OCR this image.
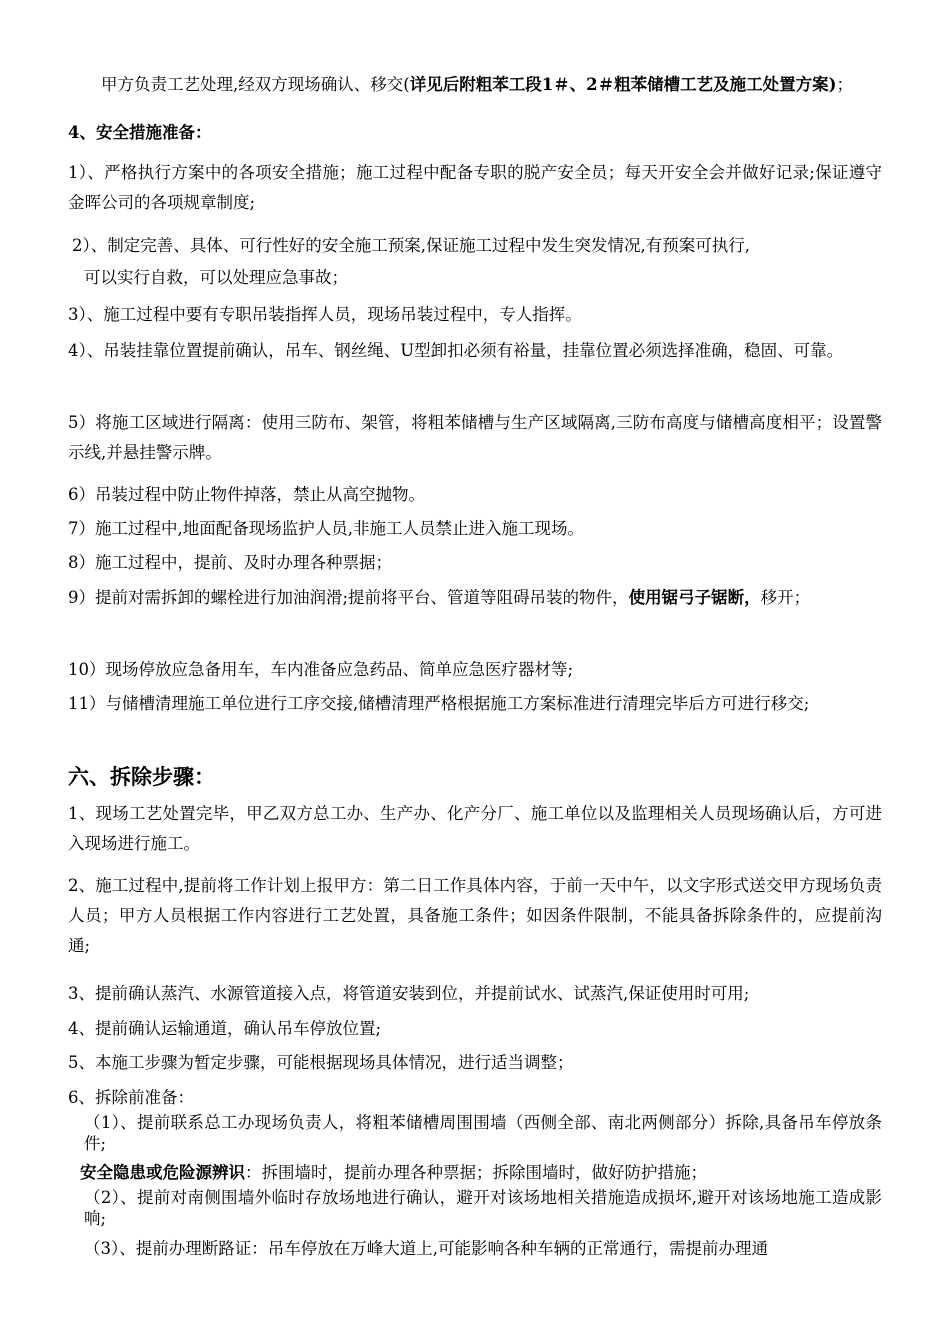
甲方负责工艺处理,经双方现场确认、移交(详见后附粗苯工段1＃、2＃粗苯储槽工艺及施工处置方案)；
4、安全措施准备：
1）、严格执行方案中的各项安全措施；施工过程中配备专职的脱产安全员；每天开安全会并做好记录;保证遵守金晖公司的各项规章制度;
2）、制定完善、具体、可行性好的安全施工预案,保证施工过程中发生突发情况,有预案可执行,
可以实行自救，可以处理应急事故；
3）、施工过程中要有专职吊装指挥人员，现场吊装过程中，专人指挥。
4）、吊装挂靠位置提前确认，吊车、钢丝绳、U型卸扣必须有裕量，挂靠位置必须选择准确，稳固、可靠。
5）将施工区域进行隔离：使用三防布、架管，将粗苯储槽与生产区域隔离,三防布高度与储槽高度相平；设置警示线,并悬挂警示牌。
6）吊装过程中防止物件掉落，禁止从高空抛物。
7）施工过程中,地面配备现场监护人员,非施工人员禁止进入施工现场。
8）施工过程中，提前、及时办理各种票据；
9）提前对需拆卸的螺栓进行加油润滑;提前将平台、管道等阻碍吊装的物件，使用锯弓子锯断，移开；
10）现场停放应急备用车，车内准备应急药品、简单应急医疗器材等;
11）与储槽清理施工单位进行工序交接,储槽清理严格根据施工方案标准进行清理完毕后方可进行移交;
六、拆除步骤：
1、现场工艺处置完毕，甲乙双方总工办、生产办、化产分厂、施工单位以及监理相关人员现场确认后，方可进入现场进行施工。
2、施工过程中,提前将工作计划上报甲方：第二日工作具体内容，于前一天中午，以文字形式送交甲方现场负责人员；甲方人员根据工作内容进行工艺处置，具备施工条件；如因条件限制，不能具备拆除条件的，应提前沟通;
3、提前确认蒸汽、水源管道接入点，将管道安装到位，并提前试水、试蒸汽,保证使用时可用;
4、提前确认运输通道，确认吊车停放位置;
5、本施工步骤为暂定步骤，可能根据现场具体情况，进行适当调整；
6、拆除前准备：
（1）、提前联系总工办现场负责人，将粗苯储槽周围围墙（西侧全部、南北两侧部分）拆除,具备吊车停放条件;
安全隐患或危险源辨识：拆围墙时，提前办理各种票据；拆除围墙时，做好防护措施；
（2）、提前对南侧围墙外临时存放场地进行确认，避开对该场地相关措施造成损坏,避开对该场地施工造成影响;
（3）、提前办理断路证：吊车停放在万峰大道上,可能影响各种车辆的正常通行，需提前办理通
